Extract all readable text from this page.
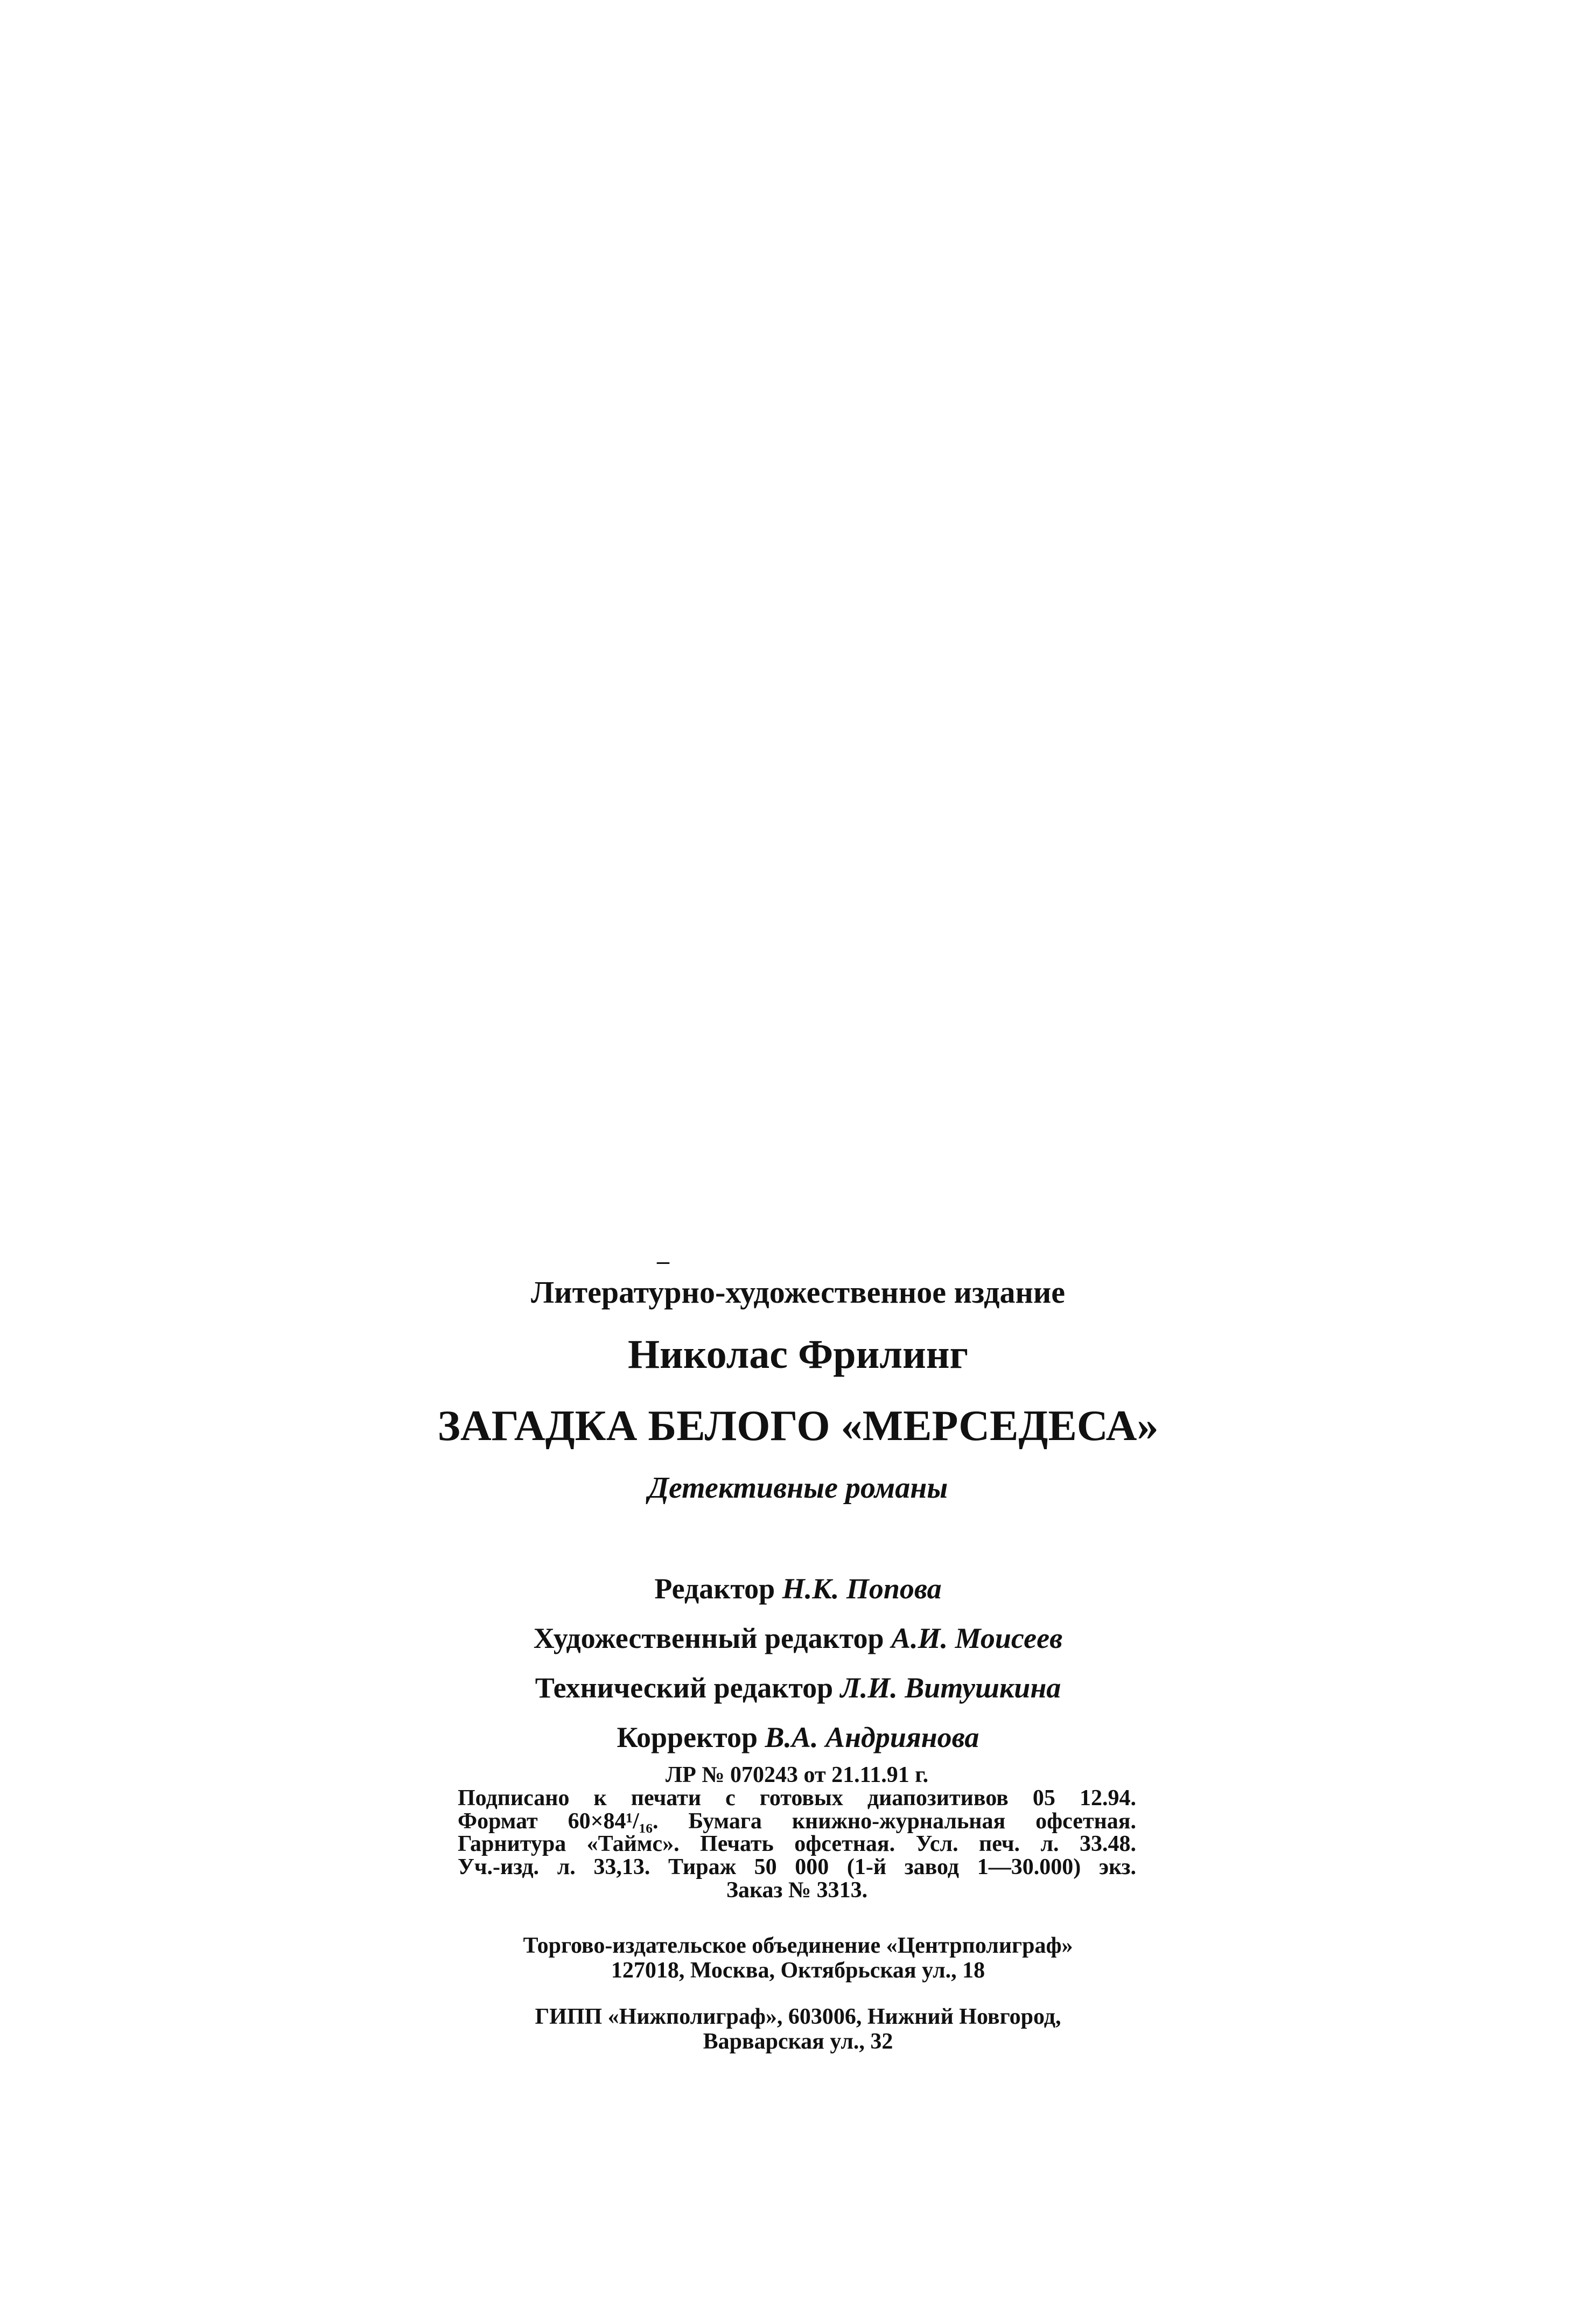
–
Литературно-художественное издание
Николас Фрилинг
ЗАГАДКА БЕЛОГО «МЕРСЕДЕСА»
Детективные романы
Редактор Н.К. Попова
Художественный редактор А.И. Моисеев
Технический редактор Л.И. Витушкина
Корректор В.А. Андриянова
ЛР № 070243 от 21.11.91 г.
Подписано к печати с готовых диапозитивов 05 12.94.
Формат 60×84¹/₁₆. Бумага книжно-журнальная офсетная.
Гарнитура «Таймс». Печать офсетная. Усл. печ. л. 33.48.
Уч.-изд. л. 33,13. Тираж 50 000 (1-й завод 1—30.000) экз.
Заказ № 3313.
Торгово-издательское объединение «Центрполиграф»
127018, Москва, Октябрьская ул., 18
ГИПП «Нижполиграф», 603006, Нижний Новгород,
Варварская ул., 32
